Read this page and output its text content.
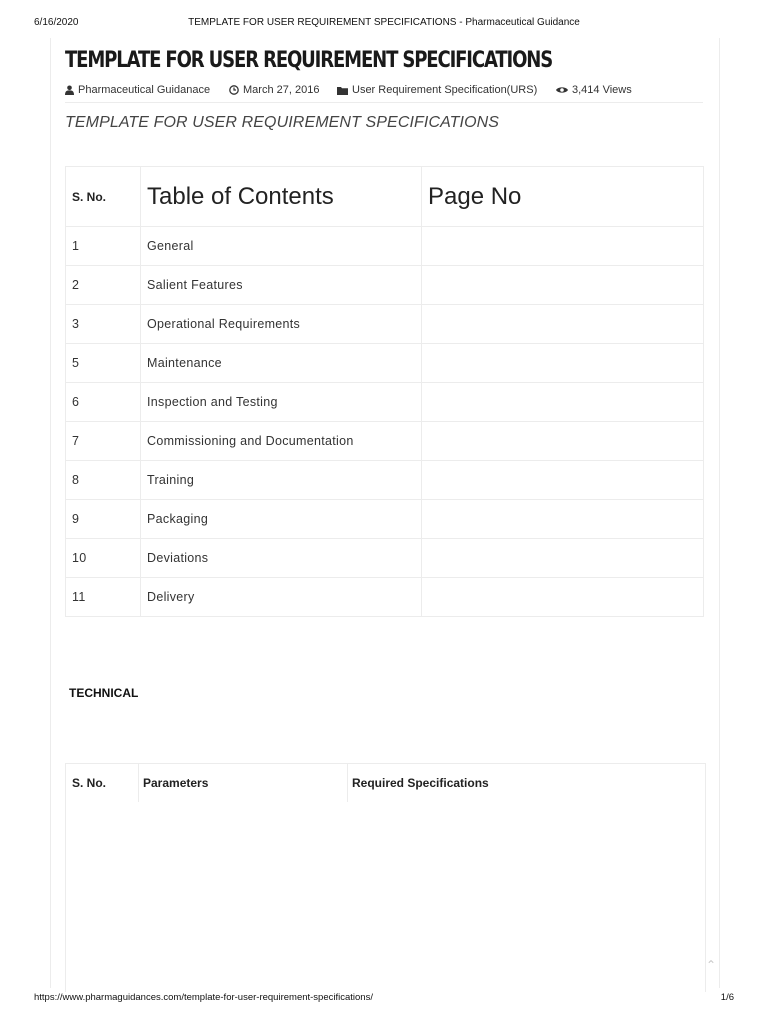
6/16/2020	TEMPLATE FOR USER REQUIREMENT SPECIFICATIONS - Pharmaceutical Guidance
TEMPLATE FOR USER REQUIREMENT SPECIFICATIONS
Pharmaceutical Guidanace	March 27, 2016	User Requirement Specification(URS)	3,414 Views
TEMPLATE FOR USER REQUIREMENT SPECIFICATIONS
S. No.	Table of Contents	Page No
1	General	
2	Salient Features	
3	Operational Requirements	
5	Maintenance	
6	Inspection and Testing	
7	Commissioning and Documentation	
8	Training	
9	Packaging	
10	Deviations	
11	Delivery	
TECHNICAL
S. No.	Parameters	Required Specifications
⌃
https://www.pharmaguidances.com/template-for-user-requirement-specifications/	1/6
